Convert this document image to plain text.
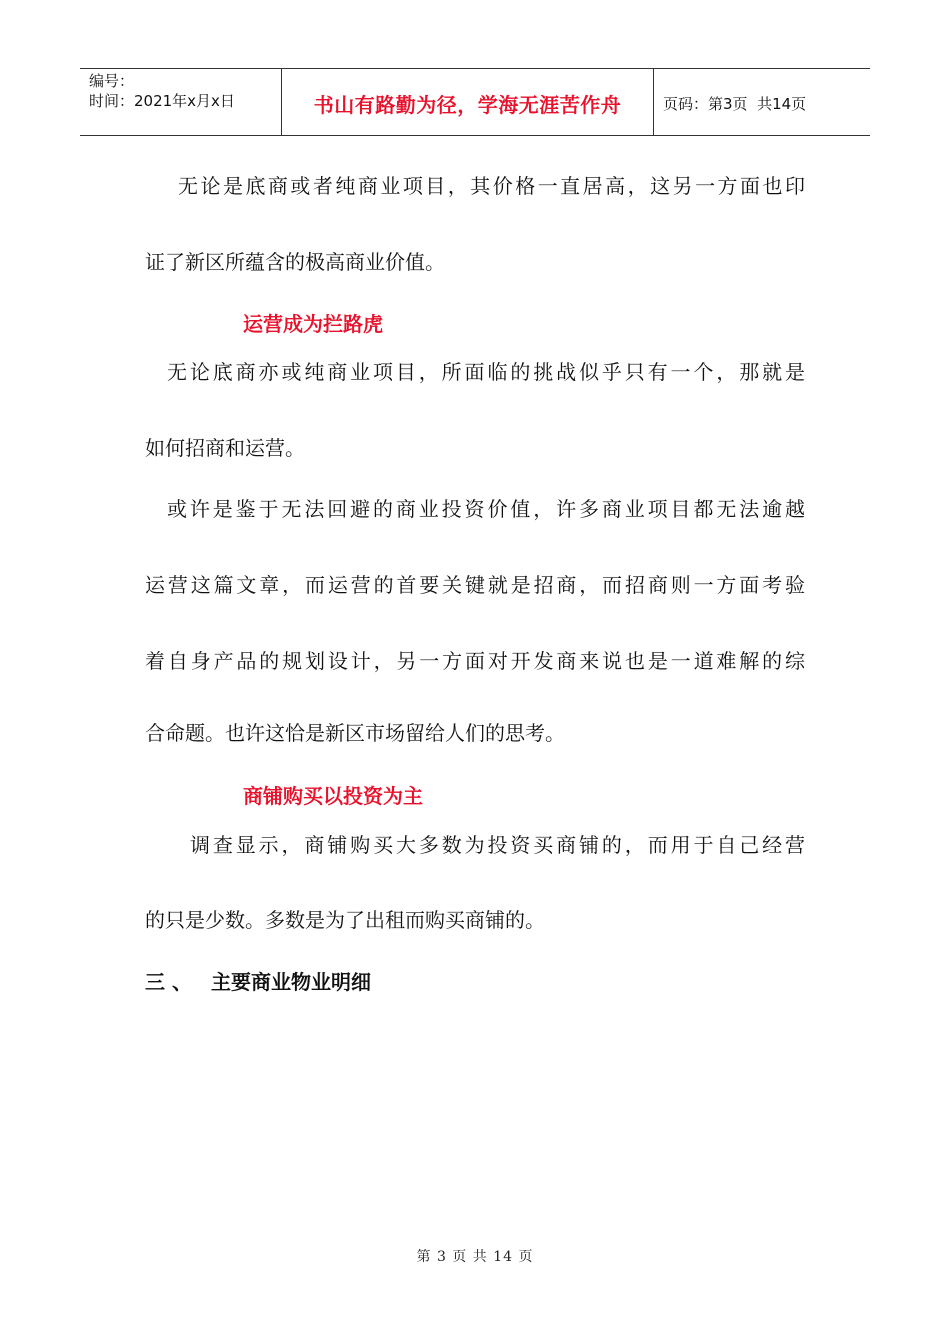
编号：
时间：2021年x月x日	书山有路勤为径，学海无涯苦作舟	页码：第3页  共14页
无论是底商或者纯商业项目，其价格一直居高，这另一方面也印
证了新区所蕴含的极高商业价值。
运营成为拦路虎
无论底商亦或纯商业项目，所面临的挑战似乎只有一个，那就是
如何招商和运营。
或许是鉴于无法回避的商业投资价值，许多商业项目都无法逾越
运营这篇文章，而运营的首要关键就是招商，而招商则一方面考验
着自身产品的规划设计，另一方面对开发商来说也是一道难解的综
合命题。也许这恰是新区市场留给人们的思考。
商铺购买以投资为主
调查显示，商铺购买大多数为投资买商铺的，而用于自己经营
的只是少数。多数是为了出租而购买商铺的。
三 、 主要商业物业明细
第 3 页 共 14 页
